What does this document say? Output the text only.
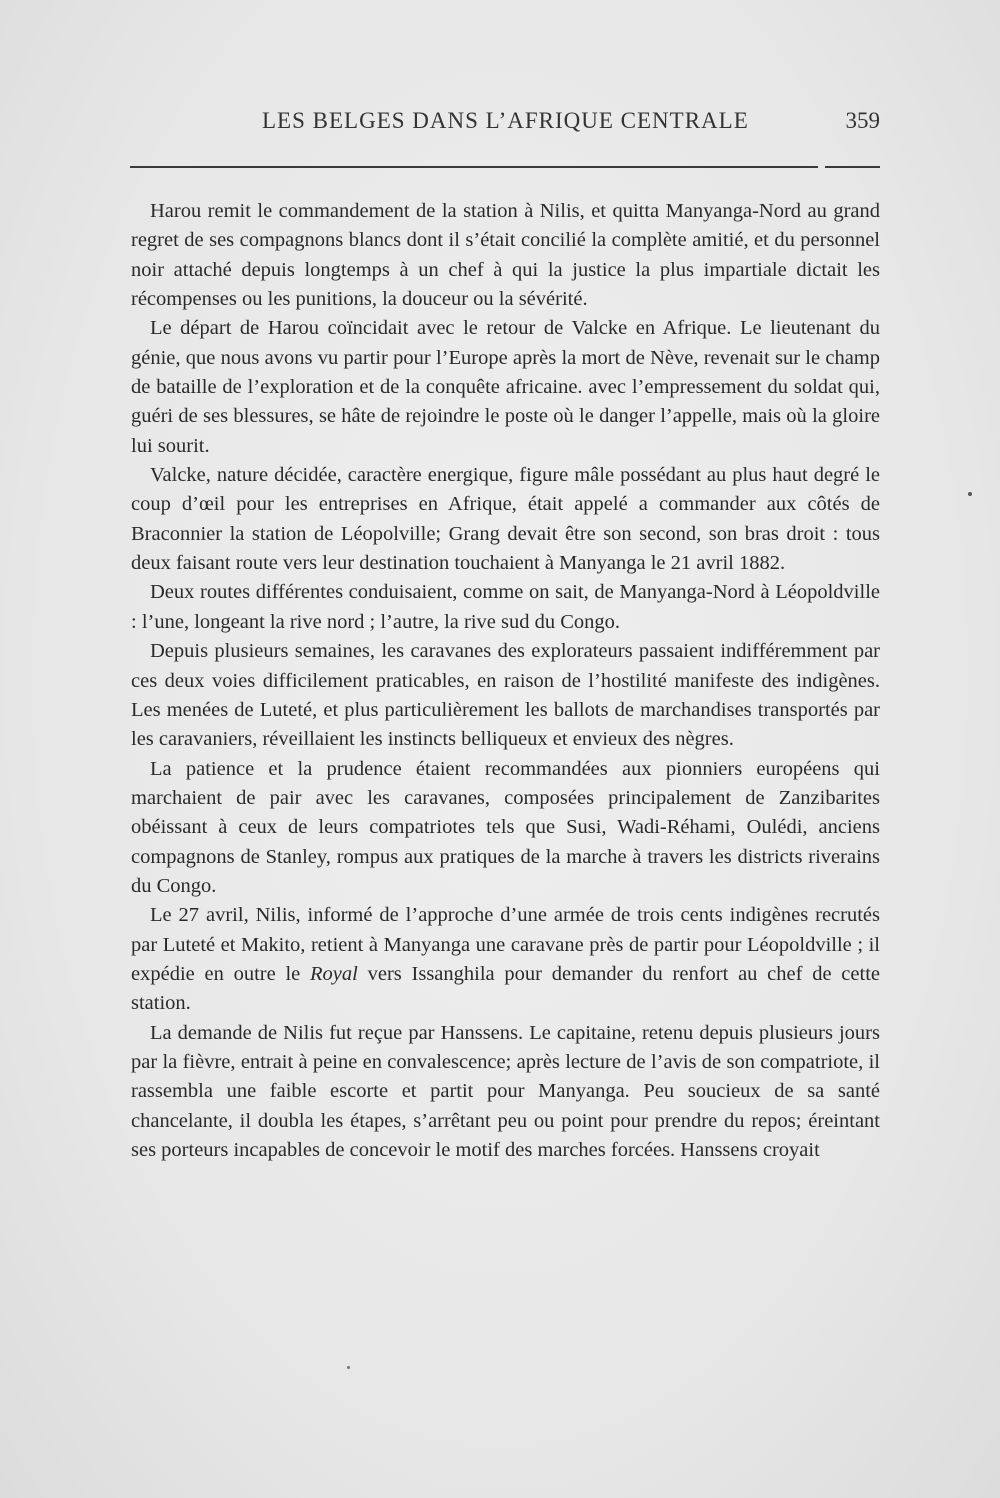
LES BELGES DANS L’AFRIQUE CENTRALE	359

Harou remit le commandement de la station à Nilis, et quitta Manyanga-Nord au grand regret de ses compagnons blancs dont il s’était concilié la complète amitié, et du personnel noir attaché depuis longtemps à un chef à qui la justice la plus impartiale dictait les récompenses ou les punitions, la douceur ou la sévérité.

Le départ de Harou coïncidait avec le retour de Valcke en Afrique. Le lieutenant du génie, que nous avons vu partir pour l’Europe après la mort de Nève, revenait sur le champ de bataille de l’exploration et de la conquête africaine. avec l’empressement du soldat qui, guéri de ses blessures, se hâte de rejoindre le poste où le danger l’appelle, mais où la gloire lui sourit.

Valcke, nature décidée, caractère energique, figure mâle possédant au plus haut degré le coup d’œil pour les entreprises en Afrique, était appelé a commander aux côtés de Braconnier la station de Léopolville; Grang devait être son second, son bras droit : tous deux faisant route vers leur destination touchaient à Manyanga le 21 avril 1882.

Deux routes différentes conduisaient, comme on sait, de Manyanga-Nord à Léopoldville : l’une, longeant la rive nord ; l’autre, la rive sud du Congo.

Depuis plusieurs semaines, les caravanes des explorateurs passaient indifféremment par ces deux voies difficilement praticables, en raison de l’hostilité manifeste des indigènes. Les menées de Luteté, et plus particulièrement les ballots de marchandises transportés par les caravaniers, réveillaient les instincts belliqueux et envieux des nègres.

La patience et la prudence étaient recommandées aux pionniers européens qui marchaient de pair avec les caravanes, composées principalement de Zanzibarites obéissant à ceux de leurs compatriotes tels que Susi, Wadi-Réhami, Oulédi, anciens compagnons de Stanley, rompus aux pratiques de la marche à travers les districts riverains du Congo.

Le 27 avril, Nilis, informé de l’approche d’une armée de trois cents indigènes recrutés par Luteté et Makito, retient à Manyanga une caravane près de partir pour Léopoldville ; il expédie en outre le Royal vers Issanghila pour demander du renfort au chef de cette station.

La demande de Nilis fut reçue par Hanssens. Le capitaine, retenu depuis plusieurs jours par la fièvre, entrait à peine en convalescence; après lecture de l’avis de son compatriote, il rassembla une faible escorte et partit pour Manyanga. Peu soucieux de sa santé chancelante, il doubla les étapes, s’arrêtant peu ou point pour prendre du repos; éreintant ses porteurs incapables de concevoir le motif des marches forcées. Hanssens croyait
